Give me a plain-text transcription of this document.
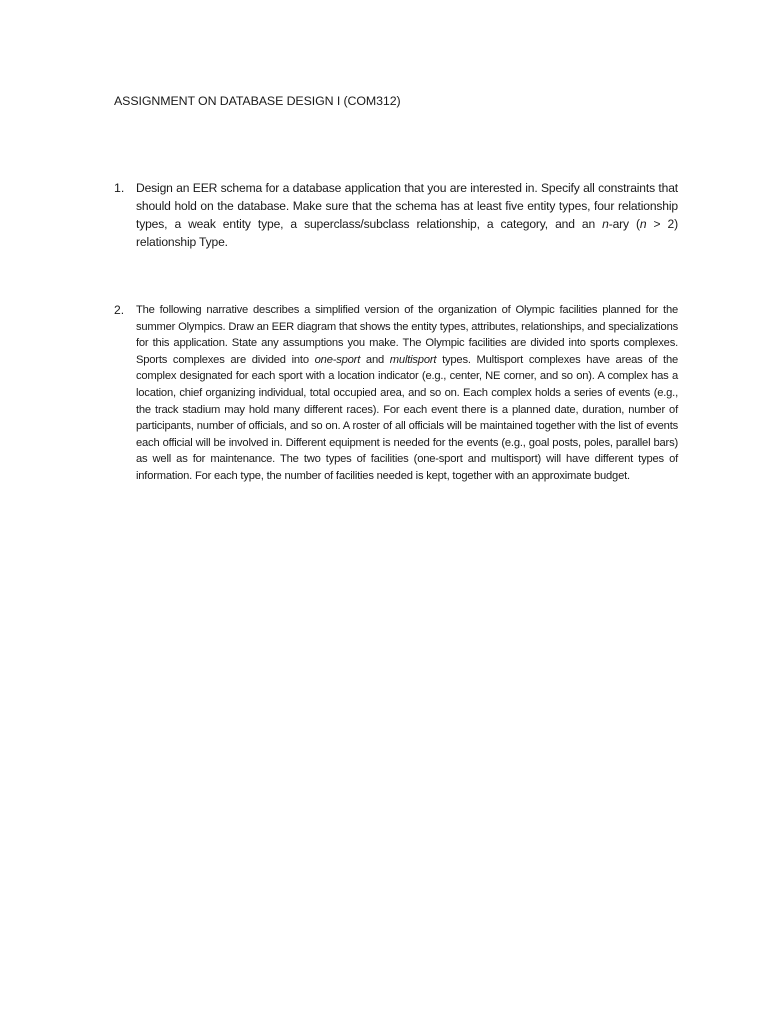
ASSIGNMENT ON DATABASE DESIGN I (COM312)
1. Design an EER schema for a database application that you are interested in. Specify all constraints that should hold on the database. Make sure that the schema has at least five entity types, four relationship types, a weak entity type, a superclass/subclass relationship, a category, and an n-ary (n > 2) relationship Type.
2.	The following narrative describes a simplified version of the organization of Olympic facilities planned for the summer Olympics. Draw an EER diagram that shows the entity types, attributes, relationships, and specializations for this application. State any assumptions you make. The Olympic facilities are divided into sports complexes. Sports complexes are divided into one-sport and multisport types. Multisport complexes have areas of the complex designated for each sport with a location indicator (e.g., center, NE corner, and so on). A complex has a location, chief organizing individual, total occupied area, and so on. Each complex holds a series of events (e.g., the track stadium may hold many different races). For each event there is a planned date, duration, number of participants, number of officials, and so on. A roster of all officials will be maintained together with the list of events each official will be involved in. Different equipment is needed for the events (e.g., goal posts, poles, parallel bars) as well as for maintenance. The two types of facilities (one-sport and multisport) will have different types of information. For each type, the number of facilities needed is kept, together with an approximate budget.
